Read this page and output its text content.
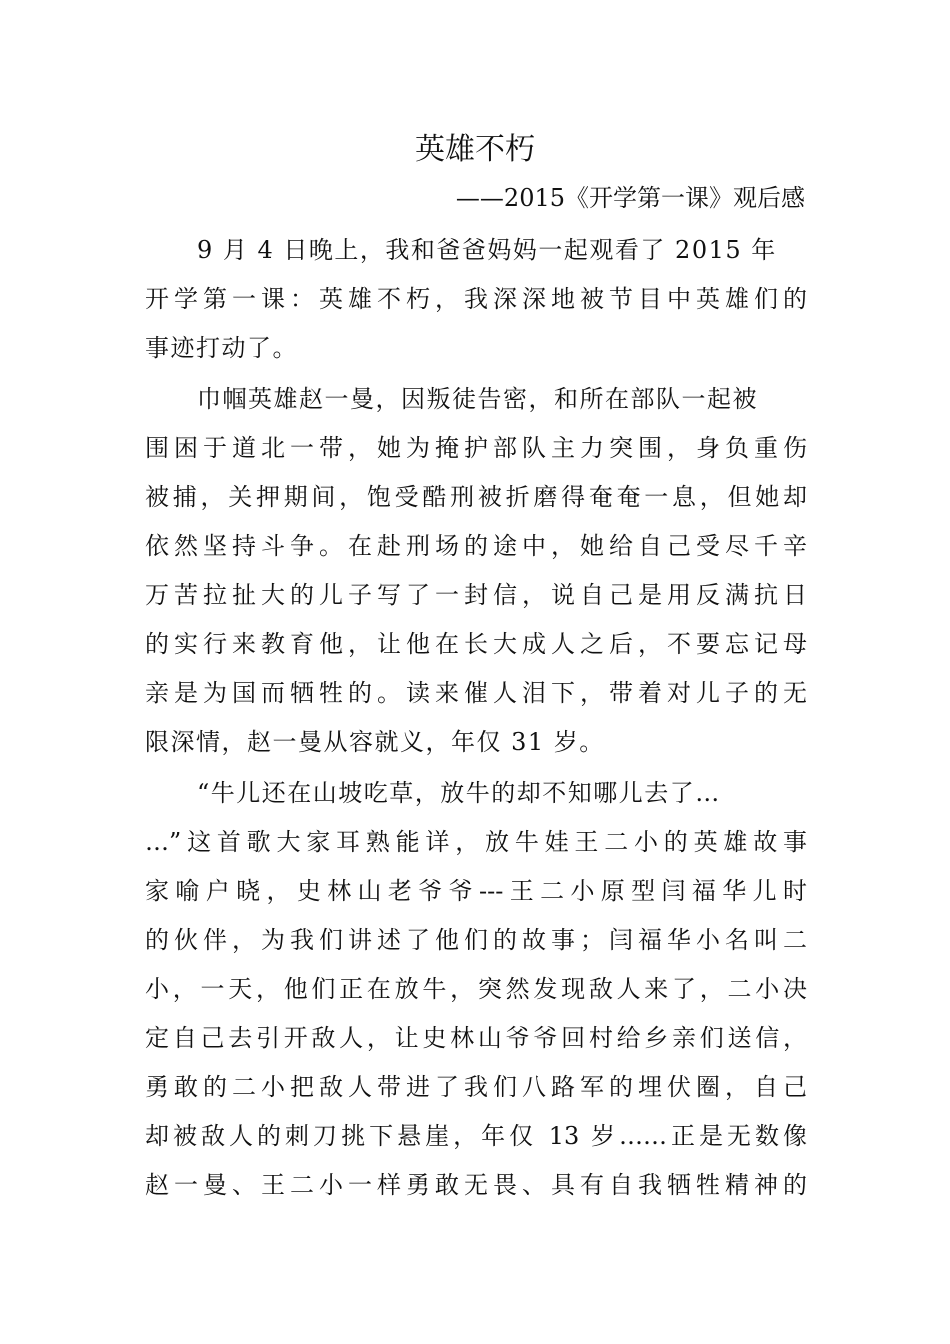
英雄不朽
——2015《开学第一课》观后感
9 月 4 日晚上，我和爸爸妈妈一起观看了 2015 年
开学第一课：英雄不朽，我深深地被节目中英雄们的
事迹打动了。
巾帼英雄赵一曼，因叛徒告密，和所在部队一起被
围困于道北一带，她为掩护部队主力突围，身负重伤
被捕，关押期间，饱受酷刑被折磨得奄奄一息，但她却
依然坚持斗争。在赴刑场的途中，她给自己受尽千辛
万苦拉扯大的儿子写了一封信，说自己是用反满抗日
的实行来教育他，让他在长大成人之后，不要忘记母
亲是为国而牺牲的。读来催人泪下，带着对儿子的无
限深情，赵一曼从容就义，年仅 31 岁。
“牛儿还在山坡吃草，放牛的却不知哪儿去了…
…”这首歌大家耳熟能详，放牛娃王二小的英雄故事
家喻户晓，史林山老爷爷---王二小原型闫福华儿时
的伙伴，为我们讲述了他们的故事；闫福华小名叫二
小，一天，他们正在放牛，突然发现敌人来了，二小决
定自己去引开敌人，让史林山爷爷回村给乡亲们送信，
勇敢的二小把敌人带进了我们八路军的埋伏圈，自己
却被敌人的刺刀挑下悬崖，年仅 13 岁……正是无数像
赵一曼、王二小一样勇敢无畏、具有自我牺牲精神的
